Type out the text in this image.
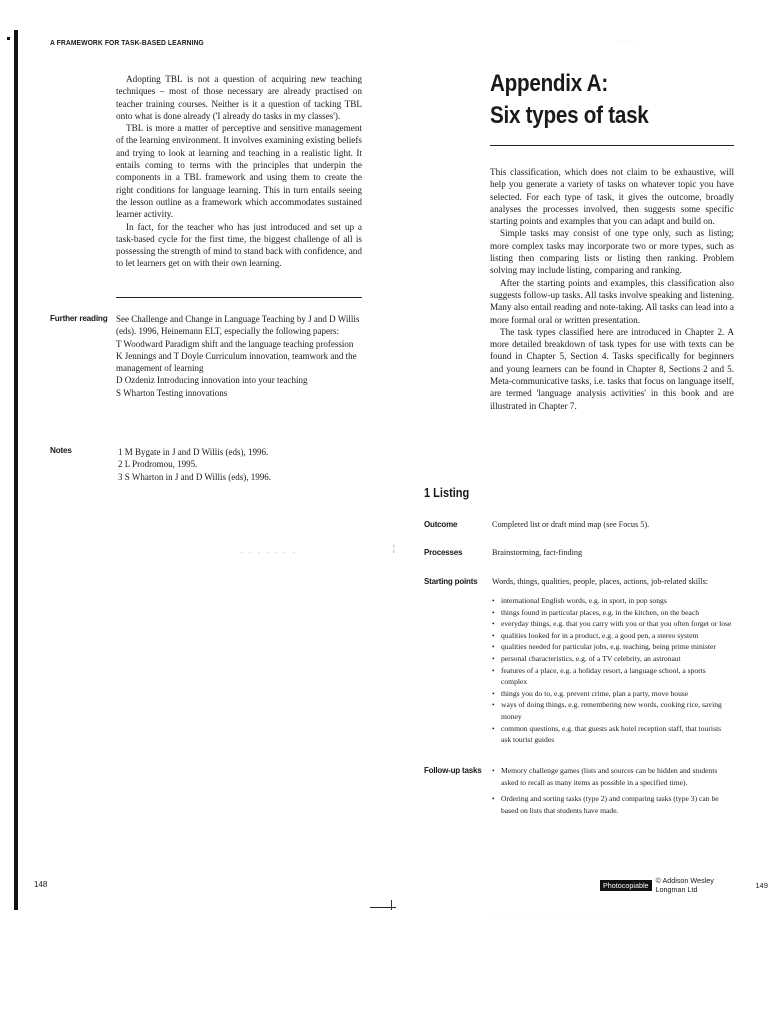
A FRAMEWORK FOR TASK-BASED LEARNING	· · · · ·

Adopting TBL is not a question of acquiring new teaching techniques – most of those necessary are already practised on teacher training courses. Neither is it a question of tacking TBL onto what is done already ('I already do tasks in my classes').

TBL is more a matter of perceptive and sensitive management of the learning environment. It involves examining existing beliefs and trying to look at learning and teaching in a realistic light. It entails coming to terms with the principles that underpin the components in a TBL framework and using them to create the right conditions for language learning. This in turn entails seeing the lesson outline as a framework which accommodates sustained learner activity.

In fact, for the teacher who has just introduced and set up a task-based cycle for the first time, the biggest challenge of all is possessing the strength of mind to stand back with confidence, and to let learners get on with their own learning.

Further reading See Challenge and Change in Language Teaching by J and D Willis (eds). 1996, Heinemann ELT, especially the following papers:
T Woodward Paradigm shift and the language teaching profession
K Jennings and T Doyle Curriculum innovation, teamwork and the management of learning
D Ozdeniz Introducing innovation into your teaching
S Wharton Testing innovations
Notes	1 M Bygate in J and D Willis (eds), 1996.
2 L Prodromou, 1995.
3 S Wharton in J and D Willis (eds), 1996.
- - - - - - -	¦
148
Appendix A:
Six types of task

This classification, which does not claim to be exhaustive, will help you generate a variety of tasks on whatever topic you have selected. For each type of task, it gives the outcome, broadly analyses the processes involved, then suggests some specific starting points and examples that you can adapt and build on.

Simple tasks may consist of one type only, such as listing; more complex tasks may incorporate two or more types, such as listing then comparing lists or listing then ranking. Problem solving may include listing, comparing and ranking.

After the starting points and examples, this classification also suggests follow-up tasks. All tasks involve speaking and listening. Many also entail reading and note-taking. All tasks can lead into a more formal oral or written presentation.

The task types classified here are introduced in Chapter 2. A more detailed breakdown of task types for use with texts can be found in Chapter 5, Section 4. Tasks specifically for beginners and young learners can be found in Chapter 8, Sections 2 and 5. Meta-communicative tasks, i.e. tasks that focus on language itself, are termed 'language analysis activities' in this book and are illustrated in Chapter 7.

1 Listing
Outcome	Completed list or draft mind map (see Focus 5).
Processes	Brainstorming, fact-finding
Starting points Words, things, qualities, people, places, actions, job-related skills:
• international English words, e.g. in sport, in pop songs
• things found in particular places, e.g. in the kitchen, on the beach
• everyday things, e.g. that you carry with you or that you often forget or lose
• qualities looked for in a product, e.g. a good pen, a stereo system
• qualities needed for particular jobs, e.g. teaching, being prime minister
• personal characteristics, e.g. of a TV celebrity, an astronaut
• features of a place, e.g. a holiday resort, a language school, a sports complex
• things you do to, e.g. prevent crime, plan a party, move house
• ways of doing things, e.g. remembering new words, cooking rice, saving money
• common questions, e.g. that guests ask hotel reception staff, that tourists ask tourist guides
Follow-up tasks
•	Memory challenge games (lists and sources can be hidden and students asked to recall as many items as possible in a specified time).
• Ordering and sorting tasks (type 2) and comparing tasks (type 3) can be based on lists that students have made.
Photocopiable © Addison Wesley Longman Ltd	149
· · · · · · · · · · · · · · · · · ·
